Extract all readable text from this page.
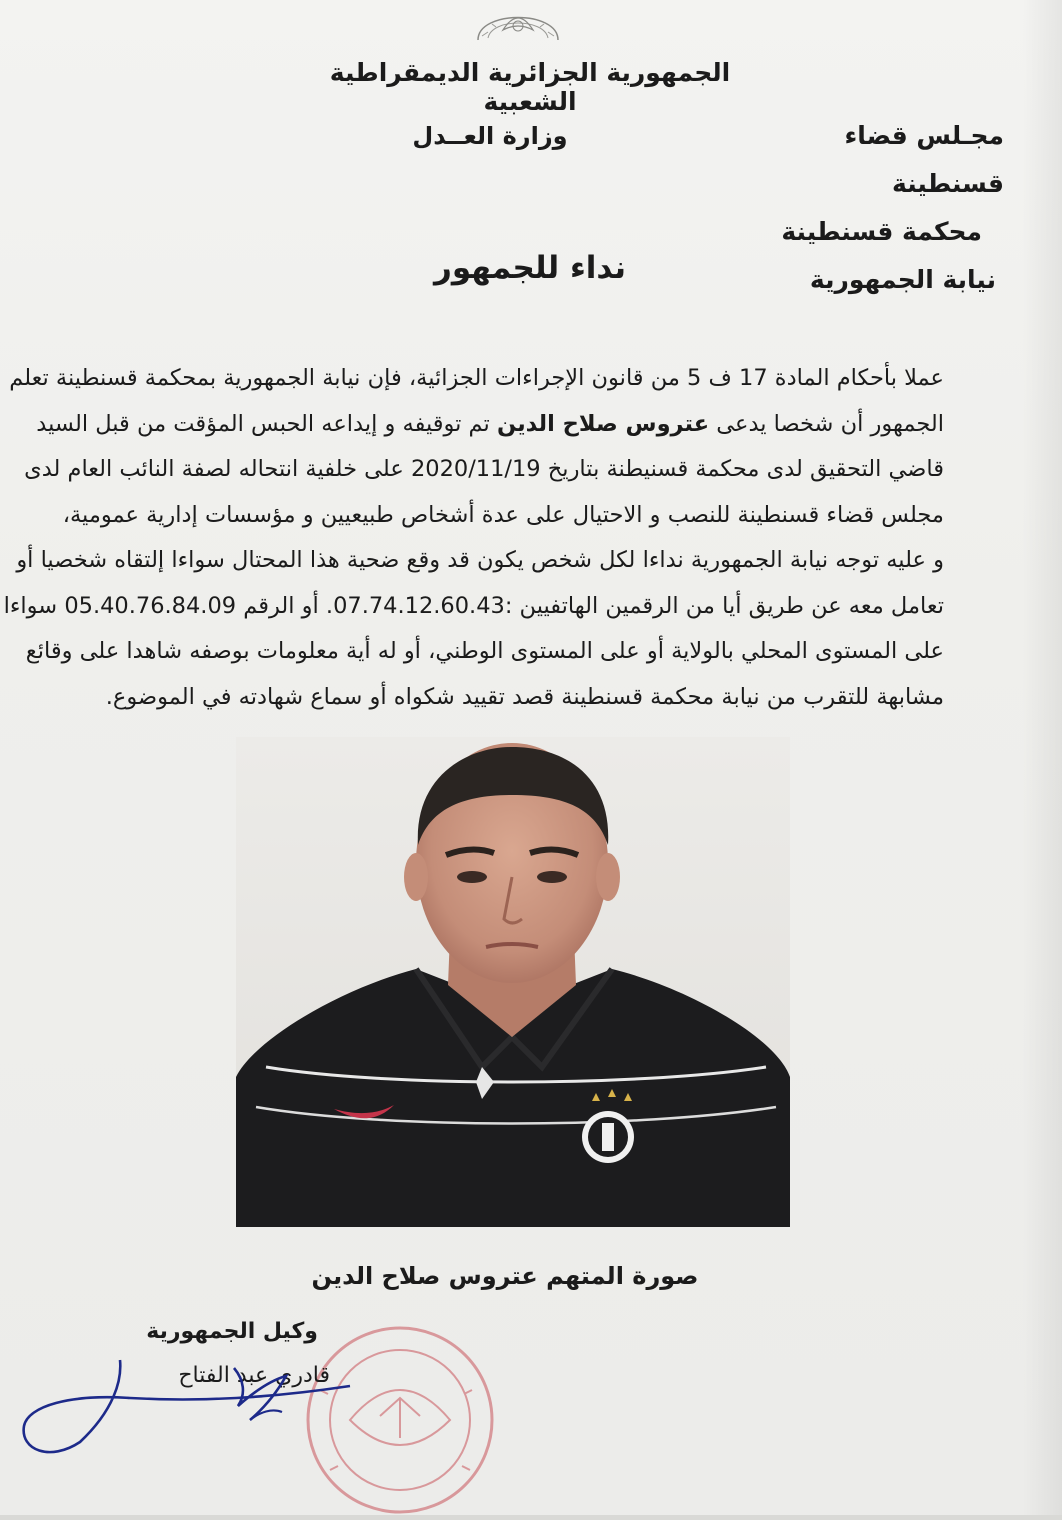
الجمهورية الجزائرية الديمقراطية الشعبية
وزارة العــدل	مجـلس قضاء قسنطينة
محكمة قسنطينة
نيابة الجمهورية
نداء للجمهور
عملا بأحكام المادة 17 ف 5 من قانون الإجراءات الجزائية، فإن نيابة الجمهورية بمحكمة قسنطينة تعلم
الجمهور أن شخصا يدعى عتروس صلاح الدين تم توقيفه و إيداعه الحبس المؤقت من قبل السيد
قاضي التحقيق لدى محكمة قسنيطنة بتاريخ 2020/11/19 على خلفية انتحاله لصفة النائب العام لدى
مجلس قضاء قسنطينة للنصب و الاحتيال على عدة أشخاص طبيعيين و مؤسسات إدارية عمومية،
و عليه توجه نيابة الجمهورية نداءا لكل شخص يكون قد وقع ضحية هذا المحتال سواءا إلتقاه شخصيا أو
تعامل معه عن طريق أيا من الرقمين الهاتفيين :07.74.12.60.43. أو الرقم 05.40.76.84.09 سواءا
على المستوى المحلي بالولاية أو على المستوى الوطني، أو له أية معلومات بوصفه شاهدا على وقائع
مشابهة للتقرب من نيابة محكمة قسنطينة قصد تقييد شكواه أو سماع شهادته في الموضوع.
صورة المتهم عتروس صلاح الدين
وكيل الجمهورية
قادري عبد الفتاح
